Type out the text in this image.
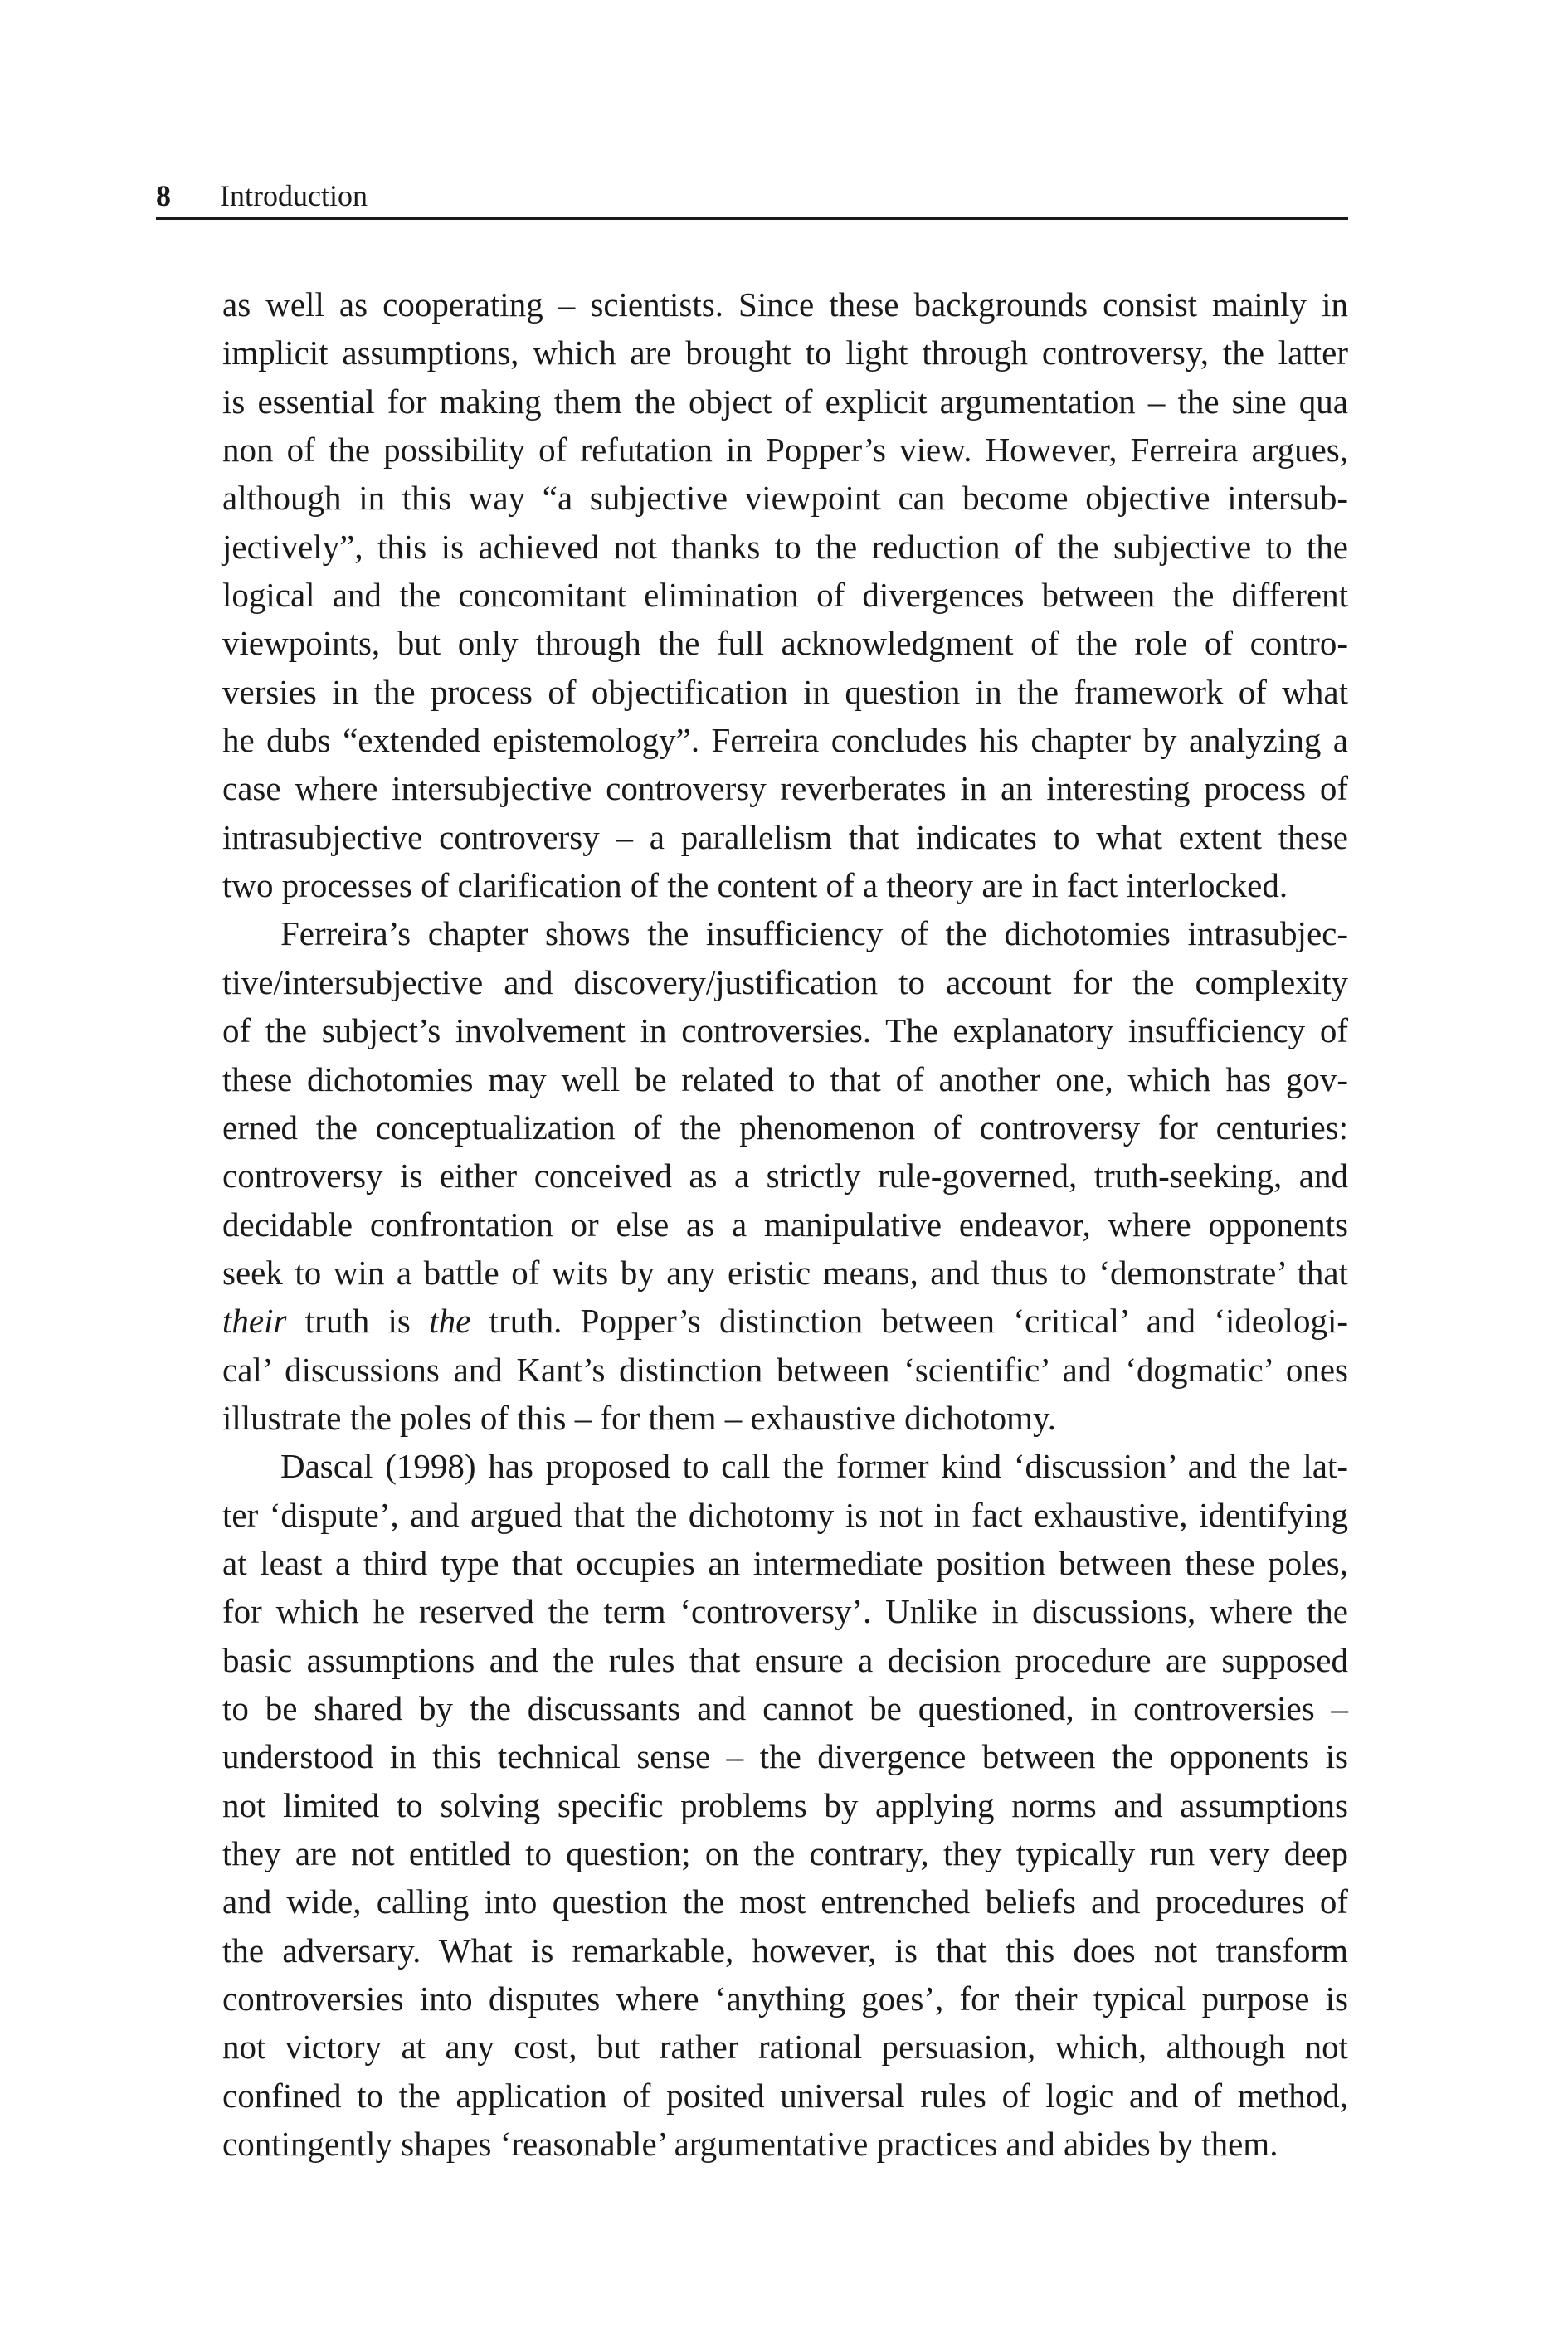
8 Introduction
as well as cooperating – scientists. Since these backgrounds consist mainly in
implicit assumptions, which are brought to light through controversy, the latter
is essential for making them the object of explicit argumentation – the sine qua
non of the possibility of refutation in Popper’s view. However, Ferreira argues,
although in this way “a subjective viewpoint can become objective intersub-
jectively”, this is achieved not thanks to the reduction of the subjective to the
logical and the concomitant elimination of divergences between the different
viewpoints, but only through the full acknowledgment of the role of contro-
versies in the process of objectification in question in the framework of what
he dubs “extended epistemology”. Ferreira concludes his chapter by analyzing a
case where intersubjective controversy reverberates in an interesting process of
intrasubjective controversy – a parallelism that indicates to what extent these
two processes of clarification of the content of a theory are in fact interlocked.
Ferreira’s chapter shows the insufficiency of the dichotomies intrasubjec-
tive/intersubjective and discovery/justification to account for the complexity
of the subject’s involvement in controversies. The explanatory insufficiency of
these dichotomies may well be related to that of another one, which has gov-
erned the conceptualization of the phenomenon of controversy for centuries:
controversy is either conceived as a strictly rule-governed, truth-seeking, and
decidable confrontation or else as a manipulative endeavor, where opponents
seek to win a battle of wits by any eristic means, and thus to ‘demonstrate’ that
their truth is the truth. Popper’s distinction between ‘critical’ and ‘ideologi-
cal’ discussions and Kant’s distinction between ‘scientific’ and ‘dogmatic’ ones
illustrate the poles of this – for them – exhaustive dichotomy.
Dascal (1998) has proposed to call the former kind ‘discussion’ and the lat-
ter ‘dispute’, and argued that the dichotomy is not in fact exhaustive, identifying
at least a third type that occupies an intermediate position between these poles,
for which he reserved the term ‘controversy’. Unlike in discussions, where the
basic assumptions and the rules that ensure a decision procedure are supposed
to be shared by the discussants and cannot be questioned, in controversies –
understood in this technical sense – the divergence between the opponents is
not limited to solving specific problems by applying norms and assumptions
they are not entitled to question; on the contrary, they typically run very deep
and wide, calling into question the most entrenched beliefs and procedures of
the adversary. What is remarkable, however, is that this does not transform
controversies into disputes where ‘anything goes’, for their typical purpose is
not victory at any cost, but rather rational persuasion, which, although not
confined to the application of posited universal rules of logic and of method,
contingently shapes ‘reasonable’ argumentative practices and abides by them.
